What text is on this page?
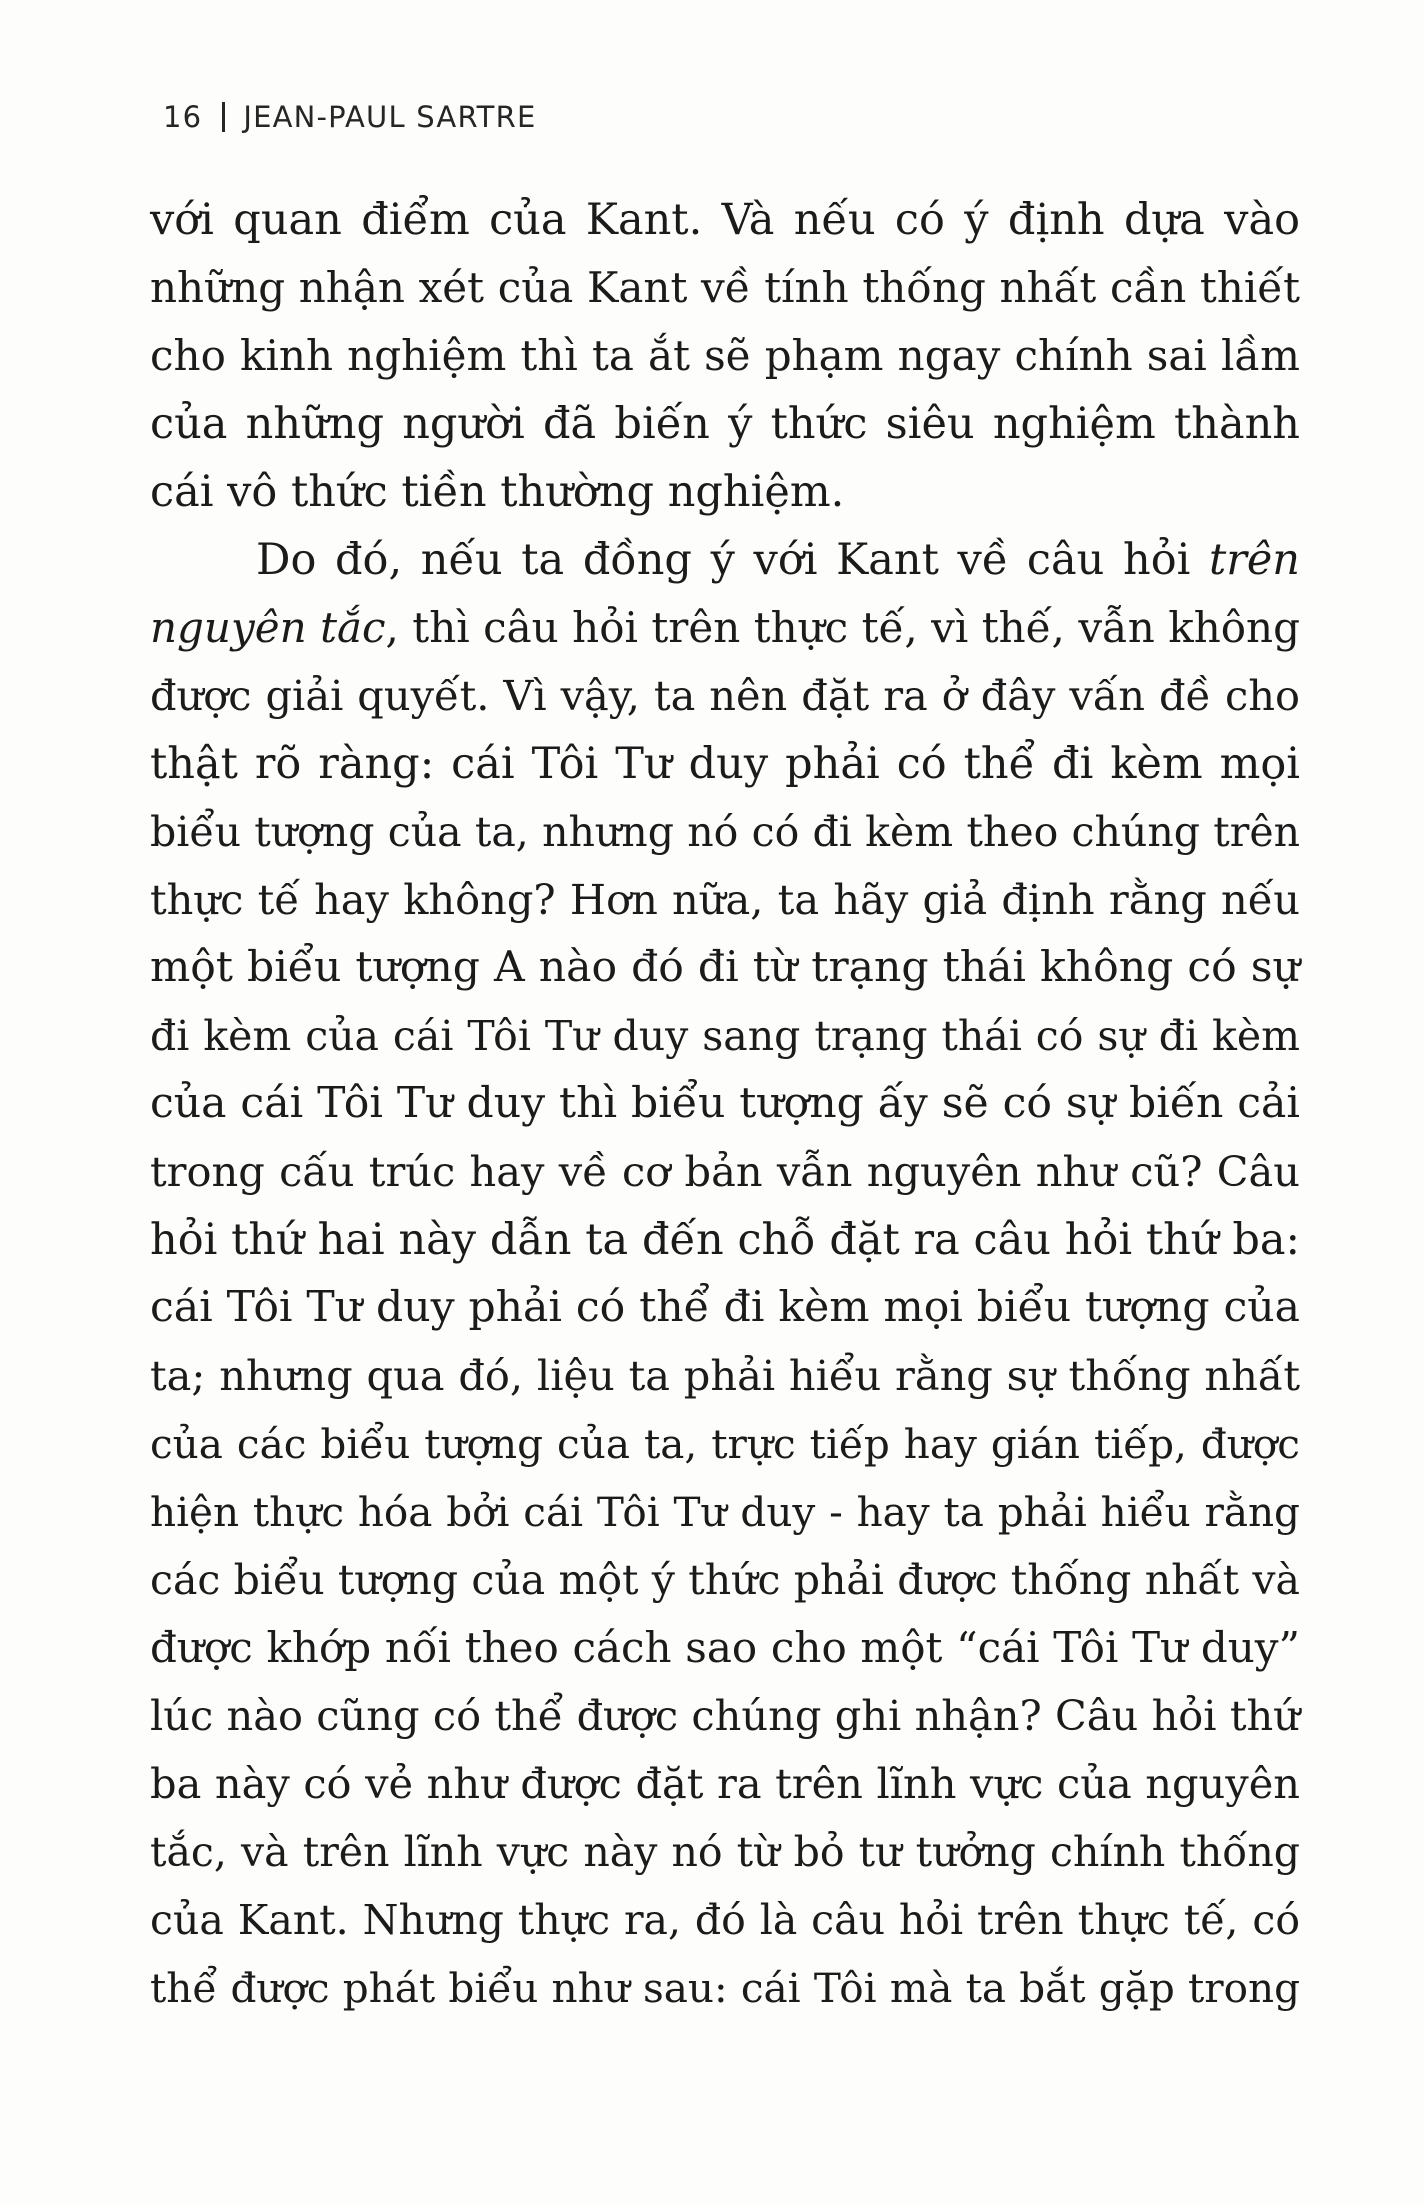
16 JEAN-PAUL SARTRE
với quan điểm của Kant. Và nếu có ý định dựa vào
những nhận xét của Kant về tính thống nhất cần thiết
cho kinh nghiệm thì ta ắt sẽ phạm ngay chính sai lầm
của những người đã biến ý thức siêu nghiệm thành
cái vô thức tiền thường nghiệm.
Do đó, nếu ta đồng ý với Kant về câu hỏi trên
nguyên tắc, thì câu hỏi trên thực tế, vì thế, vẫn không
được giải quyết. Vì vậy, ta nên đặt ra ở đây vấn đề cho
thật rõ ràng: cái Tôi Tư duy phải có thể đi kèm mọi
biểu tượng của ta, nhưng nó có đi kèm theo chúng trên
thực tế hay không? Hơn nữa, ta hãy giả định rằng nếu
một biểu tượng A nào đó đi từ trạng thái không có sự
đi kèm của cái Tôi Tư duy sang trạng thái có sự đi kèm
của cái Tôi Tư duy thì biểu tượng ấy sẽ có sự biến cải
trong cấu trúc hay về cơ bản vẫn nguyên như cũ? Câu
hỏi thứ hai này dẫn ta đến chỗ đặt ra câu hỏi thứ ba:
cái Tôi Tư duy phải có thể đi kèm mọi biểu tượng của
ta; nhưng qua đó, liệu ta phải hiểu rằng sự thống nhất
của các biểu tượng của ta, trực tiếp hay gián tiếp, được
hiện thực hóa bởi cái Tôi Tư duy - hay ta phải hiểu rằng
các biểu tượng của một ý thức phải được thống nhất và
được khớp nối theo cách sao cho một “cái Tôi Tư duy”
lúc nào cũng có thể được chúng ghi nhận? Câu hỏi thứ
ba này có vẻ như được đặt ra trên lĩnh vực của nguyên
tắc, và trên lĩnh vực này nó từ bỏ tư tưởng chính thống
của Kant. Nhưng thực ra, đó là câu hỏi trên thực tế, có
thể được phát biểu như sau: cái Tôi mà ta bắt gặp trong
